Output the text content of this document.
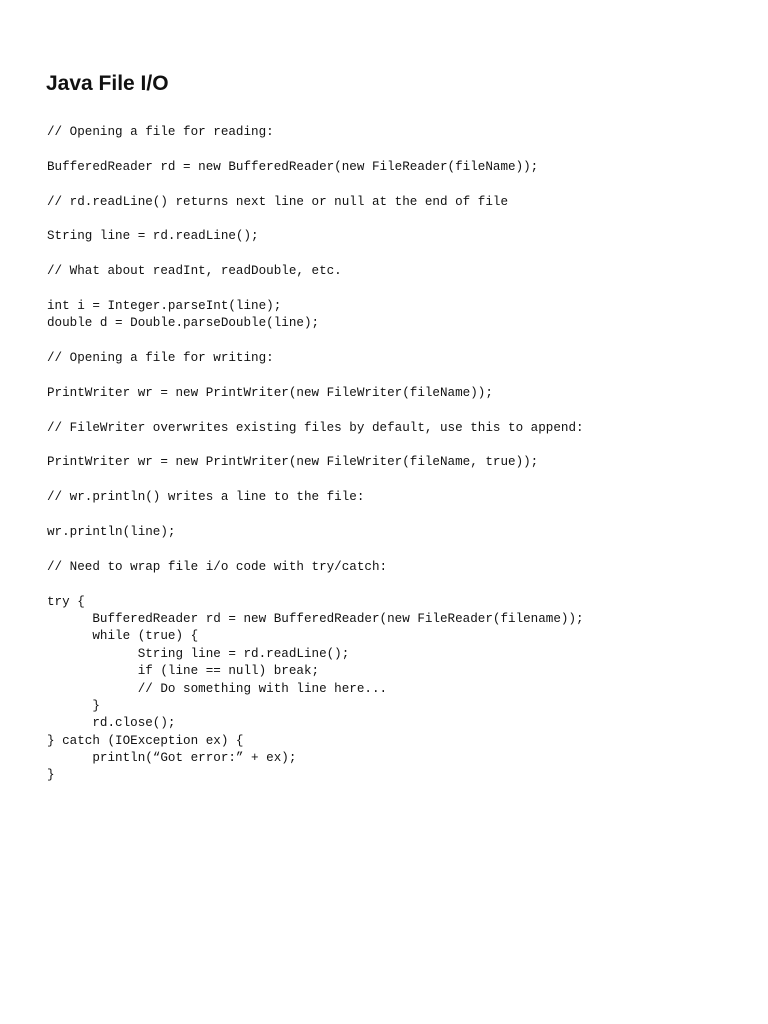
Java File I/O
// Opening a file for reading:
BufferedReader rd = new BufferedReader(new FileReader(fileName));
// rd.readLine() returns next line or null at the end of file
String line = rd.readLine();
// What about readInt, readDouble, etc.
int i = Integer.parseInt(line);
double d = Double.parseDouble(line);
// Opening a file for writing:
PrintWriter wr = new PrintWriter(new FileWriter(fileName));
// FileWriter overwrites existing files by default, use this to append:
PrintWriter wr = new PrintWriter(new FileWriter(fileName, true));
// wr.println() writes a line to the file:
wr.println(line);
// Need to wrap file i/o code with try/catch:
try {
BufferedReader rd = new BufferedReader(new FileReader(filename));
while (true) {
String line = rd.readLine();
if (line == null) break;
// Do something with line here...
}
rd.close();
} catch (IOException ex) {
println(“Got error:” + ex);
}
